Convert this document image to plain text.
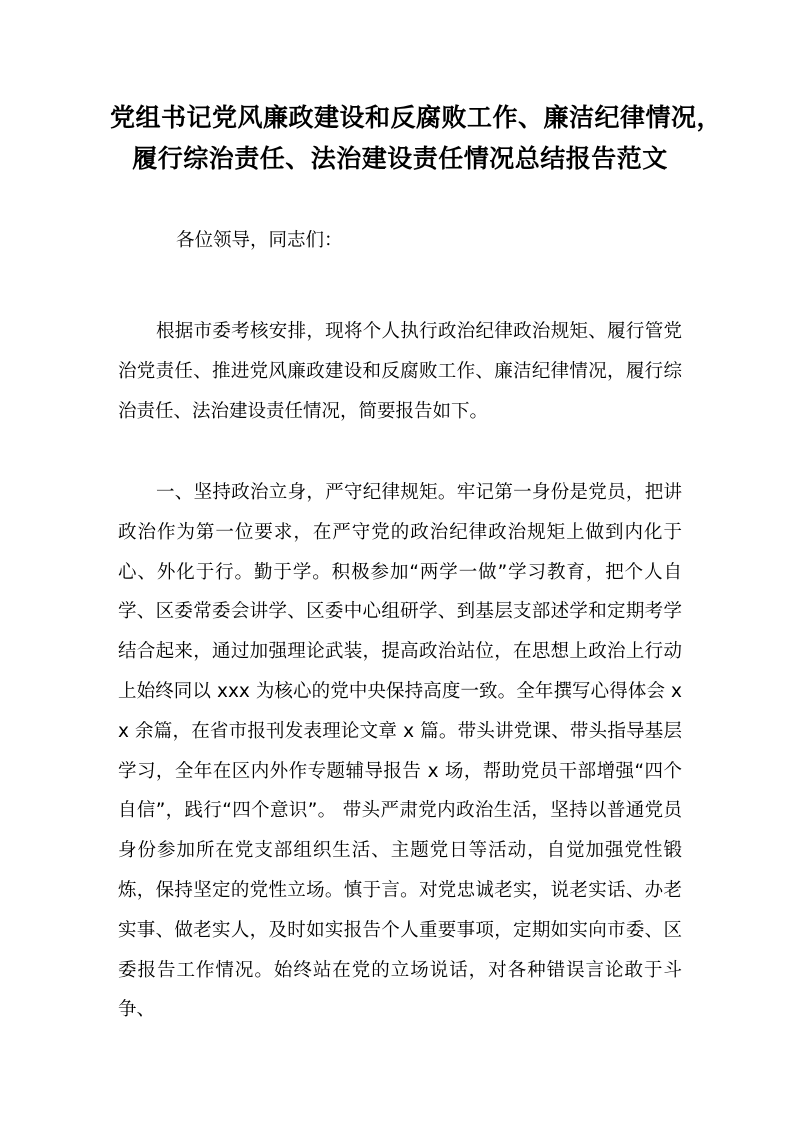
党组书记党风廉政建设和反腐败工作、廉洁纪律情况，
履行综治责任、法治建设责任情况总结报告范文
各位领导，同志们：

根据市委考核安排，现将个人执行政治纪律政治规矩、履行管党治党责任、推进党风廉政建设和反腐败工作、廉洁纪律情况，履行综治责任、法治建设责任情况，简要报告如下。

一、坚持政治立身，严守纪律规矩。牢记第一身份是党员，把讲政治作为第一位要求，在严守党的政治纪律政治规矩上做到内化于心、外化于行。勤于学。积极参加“两学一做”学习教育，把个人自学、区委常委会讲学、区委中心组研学、到基层支部述学和定期考学结合起来，通过加强理论武装，提高政治站位，在思想上政治上行动上始终同以 xxx 为核心的党中央保持高度一致。全年撰写心得体会 xx 余篇，在省市报刊发表理论文章 x 篇。带头讲党课、带头指导基层学习，全年在区内外作专题辅导报告 x 场，帮助党员干部增强“四个自信”，践行“四个意识”。 带头严肃党内政治生活，坚持以普通党员身份参加所在党支部组织生活、主题党日等活动，自觉加强党性锻炼，保持坚定的党性立场。慎于言。对党忠诚老实，说老实话、办老实事、做老实人，及时如实报告个人重要事项，定期如实向市委、区委报告工作情况。始终站在党的立场说话，对各种错误言论敢于斗争、
